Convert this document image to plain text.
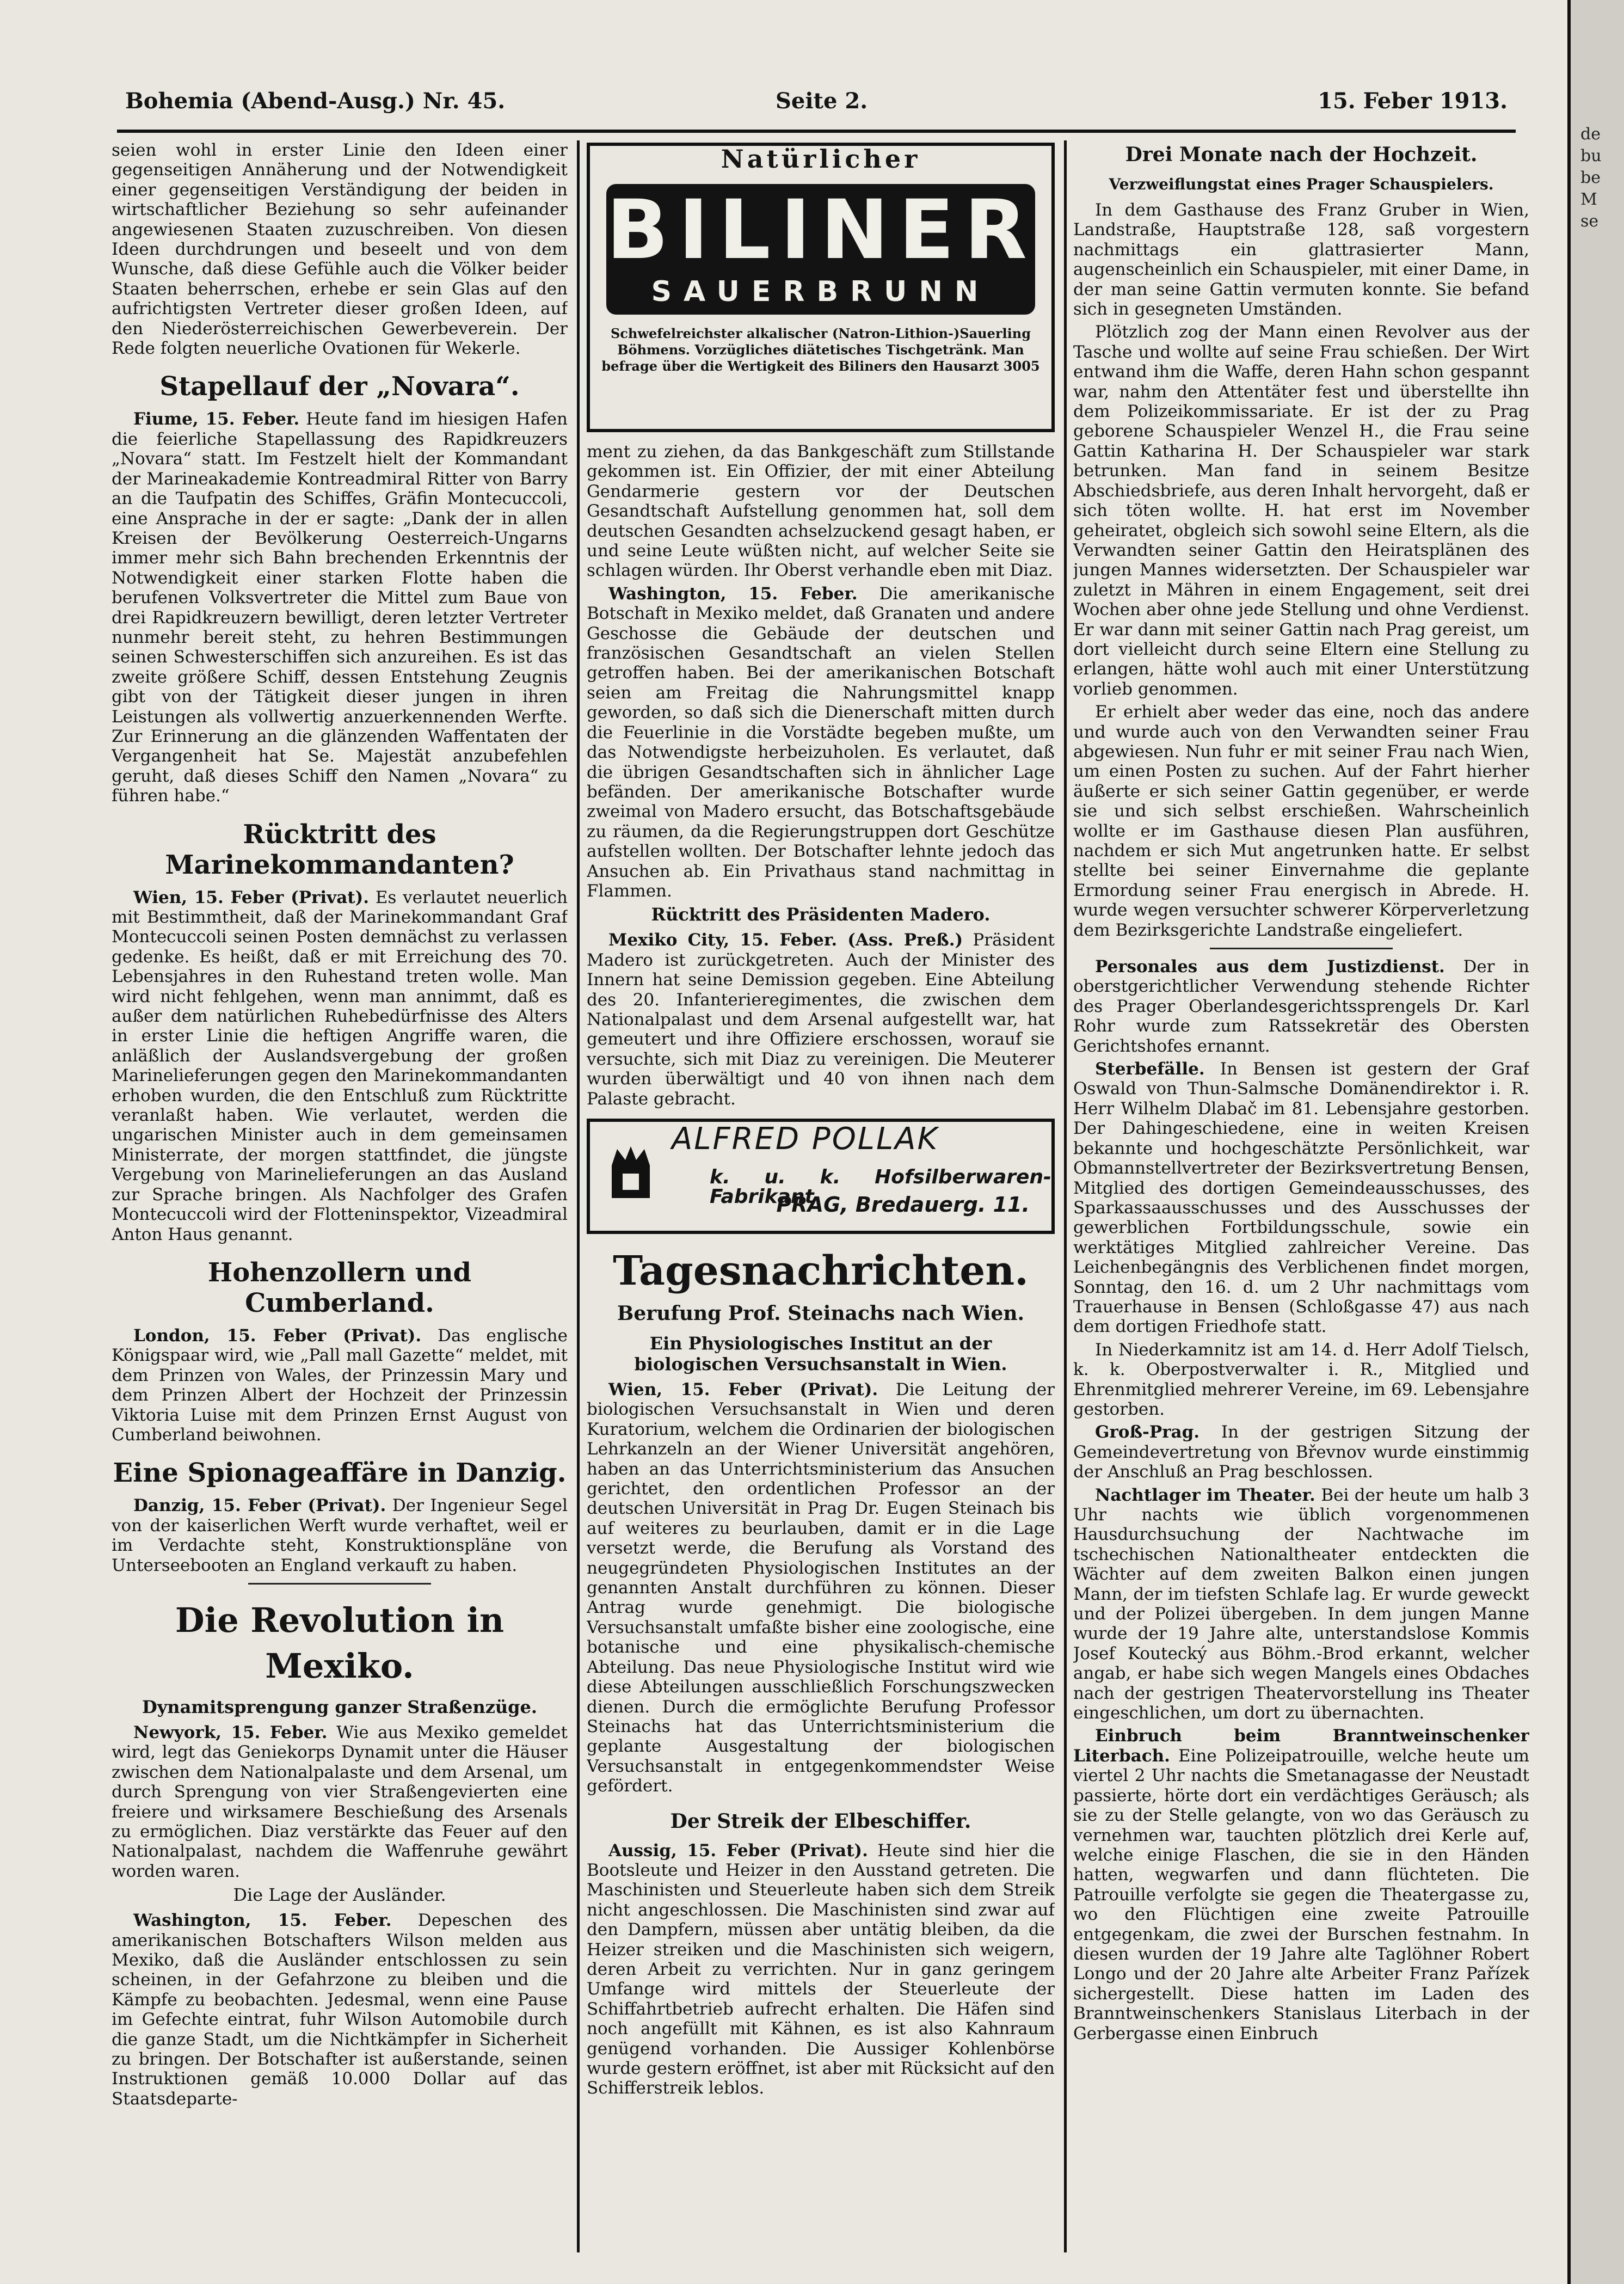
Bohemia (Abend-Ausg.) Nr. 45.	Seite 2.	15. Feber 1913.

seien wohl in erster Linie den Ideen einer gegenseitigen Annäherung und der Notwendigkeit einer gegenseitigen Verständigung der beiden in wirtschaftlicher Beziehung so sehr aufeinander angewiesenen Staaten zuzuschreiben. Von diesen Ideen durchdrungen und beseelt und von dem Wunsche, daß diese Gefühle auch die Völker beider Staaten beherrschen, erhebe er sein Glas auf den aufrichtigsten Vertreter dieser großen Ideen, auf den Niederösterreichischen Gewerbeverein. Der Rede folgten neuerliche Ovationen für Wekerle.

Stapellauf der „Novara“.

Fiume, 15. Feber. Heute fand im hiesigen Hafen die feierliche Stapellassung des Rapidkreuzers „Novara“ statt. Im Festzelt hielt der Kommandant der Marineakademie Kontreadmiral Ritter von Barry an die Taufpatin des Schiffes, Gräfin Montecuccoli, eine Ansprache in der er sagte: „Dank der in allen Kreisen der Bevölkerung Oesterreich-Ungarns immer mehr sich Bahn brechenden Erkenntnis der Notwendigkeit einer starken Flotte haben die berufenen Volksvertreter die Mittel zum Baue von drei Rapidkreuzern bewilligt, deren letzter Vertreter nunmehr bereit steht, zu hehren Bestimmungen seinen Schwesterschiffen sich anzureihen. Es ist das zweite größere Schiff, dessen Entstehung Zeugnis gibt von der Tätigkeit dieser jungen in ihren Leistungen als vollwertig anzuerkennenden Werfte. Zur Erinnerung an die glänzenden Waffentaten der Vergangenheit hat Se. Majestät anzubefehlen geruht, daß dieses Schiff den Namen „Novara“ zu führen habe.“

Rücktritt des Marinekommandanten?

Wien, 15. Feber (Privat). Es verlautet neuerlich mit Bestimmtheit, daß der Marinekommandant Graf Montecuccoli seinen Posten demnächst zu verlassen gedenke. Es heißt, daß er mit Erreichung des 70. Lebensjahres in den Ruhestand treten wolle. Man wird nicht fehlgehen, wenn man annimmt, daß es außer dem natürlichen Ruhebedürfnisse des Alters in erster Linie die heftigen Angriffe waren, die anläßlich der Auslandsvergebung der großen Marinelieferungen gegen den Marinekommandanten erhoben wurden, die den Entschluß zum Rücktritte veranlaßt haben. Wie verlautet, werden die ungarischen Minister auch in dem gemeinsamen Ministerrate, der morgen stattfindet, die jüngste Vergebung von Marinelieferungen an das Ausland zur Sprache bringen. Als Nachfolger des Grafen Montecuccoli wird der Flotteninspektor, Vizeadmiral Anton Haus genannt.

Hohenzollern und Cumberland.

London, 15. Feber (Privat). Das englische Königspaar wird, wie „Pall mall Gazette“ meldet, mit dem Prinzen von Wales, der Prinzessin Mary und dem Prinzen Albert der Hochzeit der Prinzessin Viktoria Luise mit dem Prinzen Ernst August von Cumberland beiwohnen.

Eine Spionageaffäre in Danzig.

Danzig, 15. Feber (Privat). Der Ingenieur Segel von der kaiserlichen Werft wurde verhaftet, weil er im Verdachte steht, Konstruktionspläne von Unterseebooten an England verkauft zu haben.

Die Revolution in Mexiko.
Dynamitsprengung ganzer Straßenzüge.

Newyork, 15. Feber. Wie aus Mexiko gemeldet wird, legt das Geniekorps Dynamit unter die Häuser zwischen dem Nationalpalaste und dem Arsenal, um durch Sprengung von vier Straßengevierten eine freiere und wirksamere Beschießung des Arsenals zu ermöglichen. Diaz verstärkte das Feuer auf den Nationalpalast, nachdem die Waffenruhe gewährt worden waren.

Die Lage der Ausländer.

Washington, 15. Feber. Depeschen des amerikanischen Botschafters Wilson melden aus Mexiko, daß die Ausländer entschlossen zu sein scheinen, in der Gefahrzone zu bleiben und die Kämpfe zu beobachten. Jedesmal, wenn eine Pause im Gefechte eintrat, fuhr Wilson Automobile durch die ganze Stadt, um die Nichtkämpfer in Sicherheit zu bringen. Der Botschafter ist außerstande, seinen Instruktionen gemäß 10.000 Dollar auf das Staatsdeparte-

Natürlicher
BILINER
SAUERBRUNN
Schwefelreichster alkalischer (Natron-Lithion-)Sauerling Böhmens. Vorzügliches diätetisches Tischgetränk. Man befrage über die Wertigkeit des Biliners den Hausarzt 3005

ment zu ziehen, da das Bankgeschäft zum Stillstande gekommen ist. Ein Offizier, der mit einer Abteilung Gendarmerie gestern vor der Deutschen Gesandtschaft Aufstellung genommen hat, soll dem deutschen Gesandten achselzuckend gesagt haben, er und seine Leute wüßten nicht, auf welcher Seite sie schlagen würden. Ihr Oberst verhandle eben mit Diaz.

Washington, 15. Feber. Die amerikanische Botschaft in Mexiko meldet, daß Granaten und andere Geschosse die Gebäude der deutschen und französischen Gesandtschaft an vielen Stellen getroffen haben. Bei der amerikanischen Botschaft seien am Freitag die Nahrungsmittel knapp geworden, so daß sich die Dienerschaft mitten durch die Feuerlinie in die Vorstädte begeben mußte, um das Notwendigste herbeizuholen. Es verlautet, daß die übrigen Gesandtschaften sich in ähnlicher Lage befänden. Der amerikanische Botschafter wurde zweimal von Madero ersucht, das Botschaftsgebäude zu räumen, da die Regierungstruppen dort Geschütze aufstellen wollten. Der Botschafter lehnte jedoch das Ansuchen ab. Ein Privathaus stand nachmittag in Flammen.

Rücktritt des Präsidenten Madero.

Mexiko City, 15. Feber. (Ass. Preß.) Präsident Madero ist zurückgetreten. Auch der Minister des Innern hat seine Demission gegeben. Eine Abteilung des 20. Infanterieregimentes, die zwischen dem Nationalpalast und dem Arsenal aufgestellt war, hat gemeutert und ihre Offiziere erschossen, worauf sie versuchte, sich mit Diaz zu vereinigen. Die Meuterer wurden überwältigt und 40 von ihnen nach dem Palaste gebracht.

ALFRED POLLAK
k. u. k. Hofsilberwaren-Fabrikant
PRAG, Bredauerg. 11.
Tagesnachrichten.
Berufung Prof. Steinachs nach Wien.
Ein Physiologisches Institut an der biologischen Versuchsanstalt in Wien.

Wien, 15. Feber (Privat). Die Leitung der biologischen Versuchsanstalt in Wien und deren Kuratorium, welchem die Ordinarien der biologischen Lehrkanzeln an der Wiener Universität angehören, haben an das Unterrichtsministerium das Ansuchen gerichtet, den ordentlichen Professor an der deutschen Universität in Prag Dr. Eugen Steinach bis auf weiteres zu beurlauben, damit er in die Lage versetzt werde, die Berufung als Vorstand des neugegründeten Physiologischen Institutes an der genannten Anstalt durchführen zu können. Dieser Antrag wurde genehmigt. Die biologische Versuchsanstalt umfaßte bisher eine zoologische, eine botanische und eine physikalisch-chemische Abteilung. Das neue Physiologische Institut wird wie diese Abteilungen ausschließlich Forschungszwecken dienen. Durch die ermöglichte Berufung Professor Steinachs hat das Unterrichtsministerium die geplante Ausgestaltung der biologischen Versuchsanstalt in entgegenkommendster Weise gefördert.

Der Streik der Elbeschiffer.

Aussig, 15. Feber (Privat). Heute sind hier die Bootsleute und Heizer in den Ausstand getreten. Die Maschinisten und Steuerleute haben sich dem Streik nicht angeschlossen. Die Maschinisten sind zwar auf den Dampfern, müssen aber untätig bleiben, da die Heizer streiken und die Maschinisten sich weigern, deren Arbeit zu verrichten. Nur in ganz geringem Umfange wird mittels der Steuerleute der Schiffahrtbetrieb aufrecht erhalten. Die Häfen sind noch angefüllt mit Kähnen, es ist also Kahnraum genügend vorhanden. Die Aussiger Kohlenbörse wurde gestern eröffnet, ist aber mit Rücksicht auf den Schifferstreik leblos.

Drei Monate nach der Hochzeit.
Verzweiflungstat eines Prager Schauspielers.

In dem Gasthause des Franz Gruber in Wien, Landstraße, Hauptstraße 128, saß vorgestern nachmittags ein glattrasierter Mann, augenscheinlich ein Schauspieler, mit einer Dame, in der man seine Gattin vermuten konnte. Sie befand sich in gesegneten Umständen.

Plötzlich zog der Mann einen Revolver aus der Tasche und wollte auf seine Frau schießen. Der Wirt entwand ihm die Waffe, deren Hahn schon gespannt war, nahm den Attentäter fest und überstellte ihn dem Polizeikommissariate. Er ist der zu Prag geborene Schauspieler Wenzel H., die Frau seine Gattin Katharina H. Der Schauspieler war stark betrunken. Man fand in seinem Besitze Abschiedsbriefe, aus deren Inhalt hervorgeht, daß er sich töten wollte. H. hat erst im November geheiratet, obgleich sich sowohl seine Eltern, als die Verwandten seiner Gattin den Heiratsplänen des jungen Mannes widersetzten. Der Schauspieler war zuletzt in Mähren in einem Engagement, seit drei Wochen aber ohne jede Stellung und ohne Verdienst. Er war dann mit seiner Gattin nach Prag gereist, um dort vielleicht durch seine Eltern eine Stellung zu erlangen, hätte wohl auch mit einer Unterstützung vorlieb genommen.

Er erhielt aber weder das eine, noch das andere und wurde auch von den Verwandten seiner Frau abgewiesen. Nun fuhr er mit seiner Frau nach Wien, um einen Posten zu suchen. Auf der Fahrt hierher äußerte er sich seiner Gattin gegenüber, er werde sie und sich selbst erschießen. Wahrscheinlich wollte er im Gasthause diesen Plan ausführen, nachdem er sich Mut angetrunken hatte. Er selbst stellte bei seiner Einvernahme die geplante Ermordung seiner Frau energisch in Abrede. H. wurde wegen versuchter schwerer Körperverletzung dem Bezirksgerichte Landstraße eingeliefert.

Personales aus dem Justizdienst. Der in oberstgerichtlicher Verwendung stehende Richter des Prager Oberlandesgerichtssprengels Dr. Karl Rohr wurde zum Ratssekretär des Obersten Gerichtshofes ernannt.

Sterbefälle. In Bensen ist gestern der Graf Oswald von Thun-Salmsche Domänendirektor i. R. Herr Wilhelm Dlabač im 81. Lebensjahre gestorben. Der Dahingeschiedene, eine in weiten Kreisen bekannte und hochgeschätzte Persönlichkeit, war Obmannstellvertreter der Bezirksvertretung Bensen, Mitglied des dortigen Gemeindeausschusses, des Sparkassaausschusses und des Ausschusses der gewerblichen Fortbildungsschule, sowie ein werktätiges Mitglied zahlreicher Vereine. Das Leichenbegängnis des Verblichenen findet morgen, Sonntag, den 16. d. um 2 Uhr nachmittags vom Trauerhause in Bensen (Schloßgasse 47) aus nach dem dortigen Friedhofe statt.

In Niederkamnitz ist am 14. d. Herr Adolf Tielsch, k. k. Oberpostverwalter i. R., Mitglied und Ehrenmitglied mehrerer Vereine, im 69. Lebensjahre gestorben.

Groß-Prag. In der gestrigen Sitzung der Gemeindevertretung von Břevnov wurde einstimmig der Anschluß an Prag beschlossen.

Nachtlager im Theater. Bei der heute um halb 3 Uhr nachts wie üblich vorgenommenen Hausdurchsuchung der Nachtwache im tschechischen Nationaltheater entdeckten die Wächter auf dem zweiten Balkon einen jungen Mann, der im tiefsten Schlafe lag. Er wurde geweckt und der Polizei übergeben. In dem jungen Manne wurde der 19 Jahre alte, unterstandslose Kommis Josef Koutecký aus Böhm.-Brod erkannt, welcher angab, er habe sich wegen Mangels eines Obdaches nach der gestrigen Theatervorstellung ins Theater eingeschlichen, um dort zu übernachten.

Einbruch beim Branntweinschenker Literbach. Eine Polizeipatrouille, welche heute um viertel 2 Uhr nachts die Smetanagasse der Neustadt passierte, hörte dort ein verdächtiges Geräusch; als sie zu der Stelle gelangte, von wo das Geräusch zu vernehmen war, tauchten plötzlich drei Kerle auf, welche einige Flaschen, die sie in den Händen hatten, wegwarfen und dann flüchteten. Die Patrouille verfolgte sie gegen die Theatergasse zu, wo den Flüchtigen eine zweite Patrouille entgegenkam, die zwei der Burschen festnahm. In diesen wurden der 19 Jahre alte Taglöhner Robert Longo und der 20 Jahre alte Arbeiter Franz Pařízek sichergestellt. Diese hatten im Laden des Branntweinschenkers Stanislaus Literbach in der Gerbergasse einen Einbruch

de
bu
be
M
se
